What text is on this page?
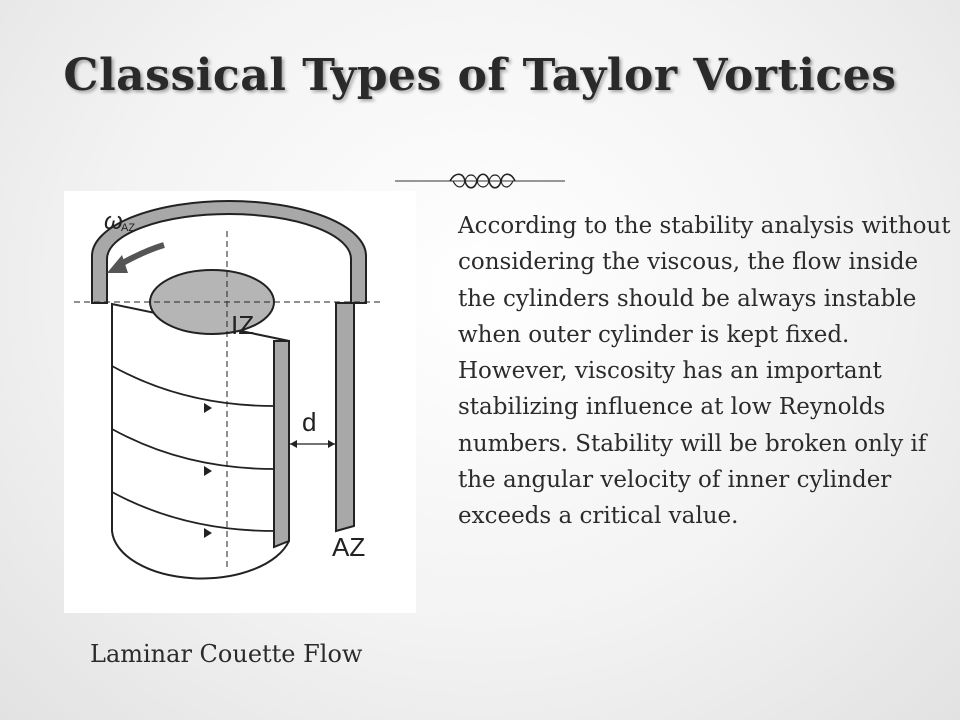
Classical Types of Taylor Vortices
ω
AZ
IZ
d
AZ

According to the stability analysis without considering the viscous, the flow inside the cylinders should be always instable when outer cylinder is kept fixed. However, viscosity has an important stabilizing influence at low Reynolds numbers. Stability will be broken only if the angular velocity of inner cylinder exceeds a critical value.

Laminar Couette Flow
